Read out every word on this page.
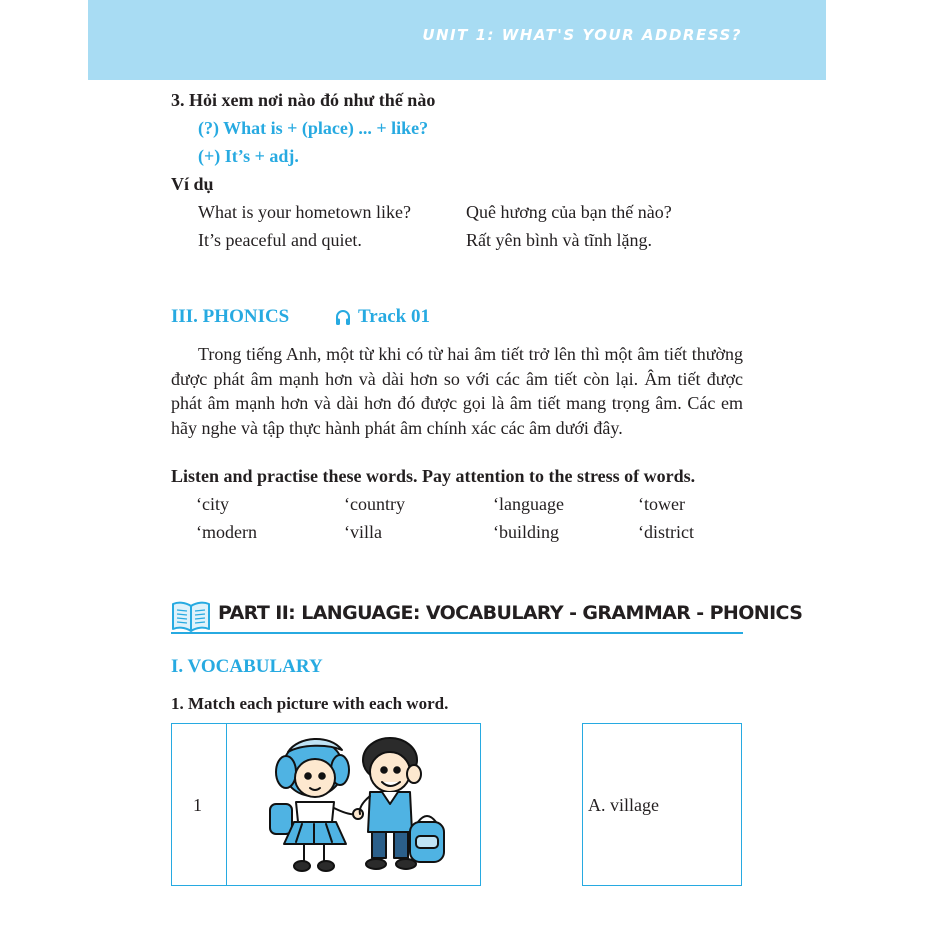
UNIT 1: WHAT'S YOUR ADDRESS?
3. Hỏi xem nơi nào đó như thế nào
(?) What is + (place) ... + like?
(+) It’s + adj.
Ví dụ
What is your hometown like?	Quê hương của bạn thế nào?
It’s peaceful and quiet.	Rất yên bình và tĩnh lặng.
III. PHONICS	Track 01
Trong tiếng Anh, một từ khi có từ hai âm tiết trở lên thì một âm tiết thường được phát âm mạnh hơn và dài hơn so với các âm tiết còn lại. Âm tiết được phát âm mạnh hơn và dài hơn đó được gọi là âm tiết mang trọng âm. Các em hãy nghe và tập thực hành phát âm chính xác các âm dưới đây.
Listen and practise these words. Pay attention to the stress of words.
‘city	‘country	‘language	‘tower
‘modern	‘villa	‘building	‘district
PART II: LANGUAGE: VOCABULARY - GRAMMAR - PHONICS
I. VOCABULARY
1. Match each picture with each word.
1	A. village
